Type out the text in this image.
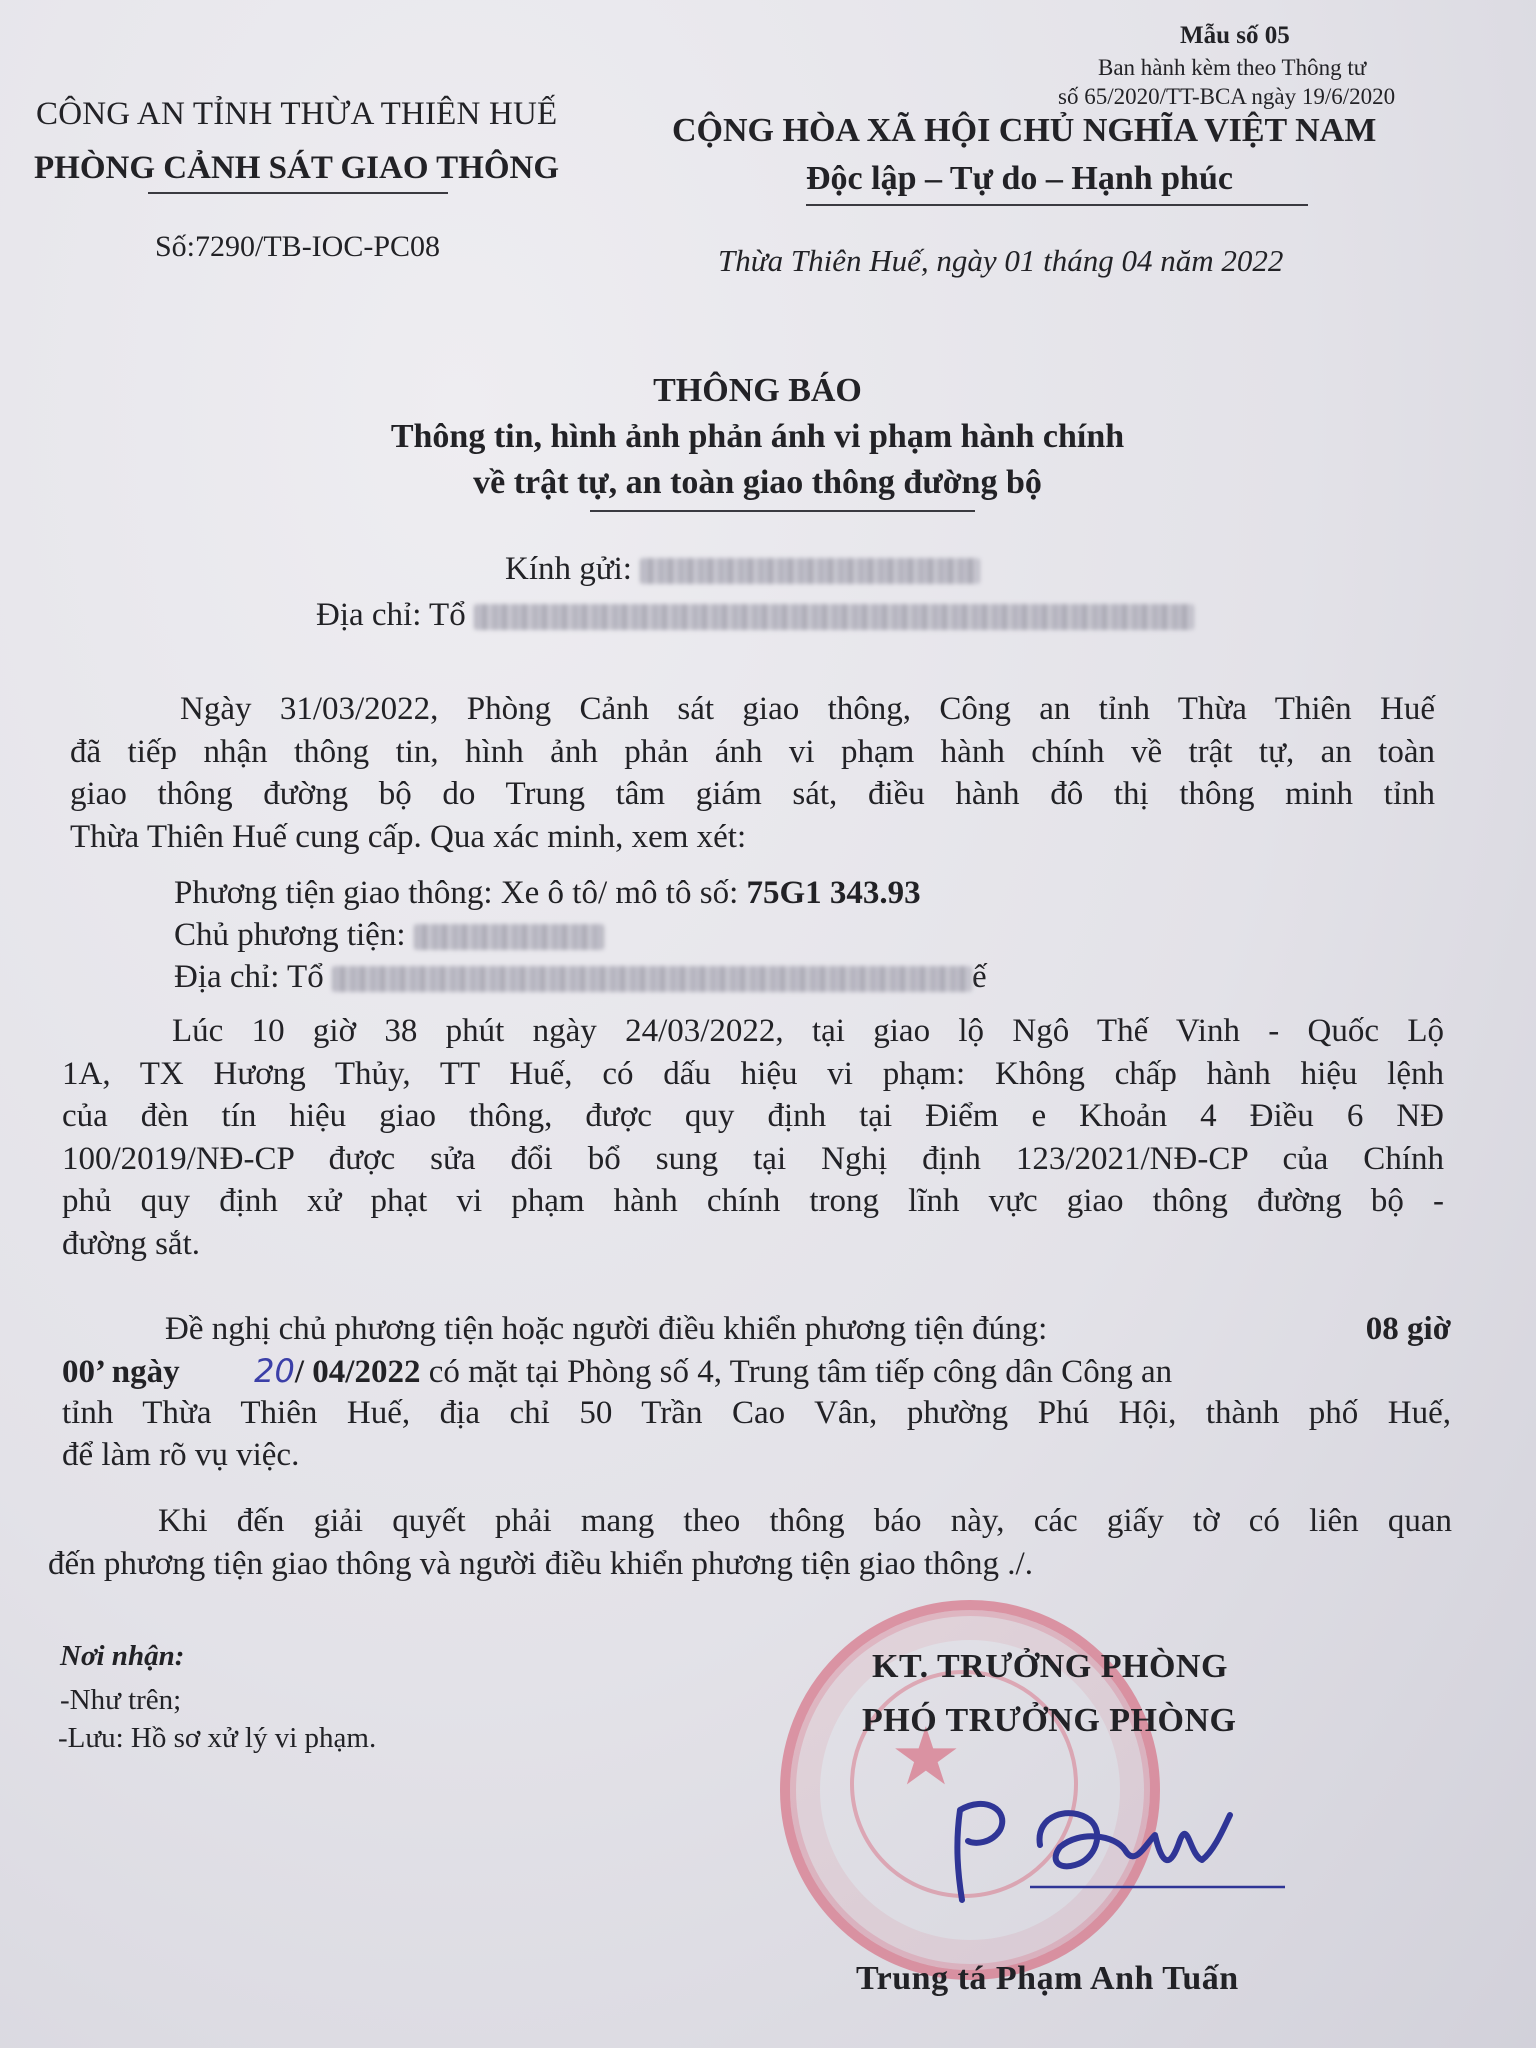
Mẫu số 05
Ban hành kèm theo Thông tư
số 65/2020/TT-BCA ngày 19/6/2020
CÔNG AN TỈNH THỪA THIÊN HUẾ
PHÒNG CẢNH SÁT GIAO THÔNG
Số:7290/TB-IOC-PC08
CỘNG HÒA XÃ HỘI CHỦ NGHĨA VIỆT NAM
Độc lập – Tự do – Hạnh phúc
Thừa Thiên Huế, ngày 01 tháng 04 năm 2022
THÔNG BÁO
Thông tin, hình ảnh phản ánh vi phạm hành chính
về trật tự, an toàn giao thông đường bộ
Kính gửi:
Địa chỉ: Tổ
Ngày 31/03/2022, Phòng Cảnh sát giao thông, Công an tỉnh Thừa Thiên Huế
đã tiếp nhận thông tin, hình ảnh phản ánh vi phạm hành chính về trật tự, an toàn
giao thông đường bộ do Trung tâm giám sát, điều hành đô thị thông minh tỉnh
Thừa Thiên Huế cung cấp. Qua xác minh, xem xét:
Phương tiện giao thông: Xe ô tô/ mô tô số: 75G1 343.93
Chủ phương tiện:
Địa chỉ: Tổ	ế
Lúc 10 giờ 38 phút ngày 24/03/2022, tại giao lộ Ngô Thế Vinh - Quốc Lộ
1A, TX Hương Thủy, TT Huế, có dấu hiệu vi phạm: Không chấp hành hiệu lệnh
của đèn tín hiệu giao thông, được quy định tại Điểm e Khoản 4 Điều 6 NĐ
100/2019/NĐ-CP được sửa đổi bổ sung tại Nghị định 123/2021/NĐ-CP của Chính
phủ quy định xử phạt vi phạm hành chính trong lĩnh vực giao thông đường bộ -
đường sắt.
Đề nghị chủ phương tiện hoặc người điều khiển phương tiện đúng:	08 giờ
00’ ngày 20/ 04/2022 có mặt tại Phòng số 4, Trung tâm tiếp công dân Công an
tỉnh Thừa Thiên Huế, địa chỉ 50 Trần Cao Vân, phường Phú Hội, thành phố Huế,
để làm rõ vụ việc.
Khi đến giải quyết phải mang theo thông báo này, các giấy tờ có liên quan
đến phương tiện giao thông và người điều khiển phương tiện giao thông ./.
Nơi nhận:
-Như trên;
-Lưu: Hồ sơ xử lý vi phạm.	★
KT. TRƯỞNG PHÒNG
PHÓ TRƯỞNG PHÒNG
Trung tá Phạm Anh Tuấn
